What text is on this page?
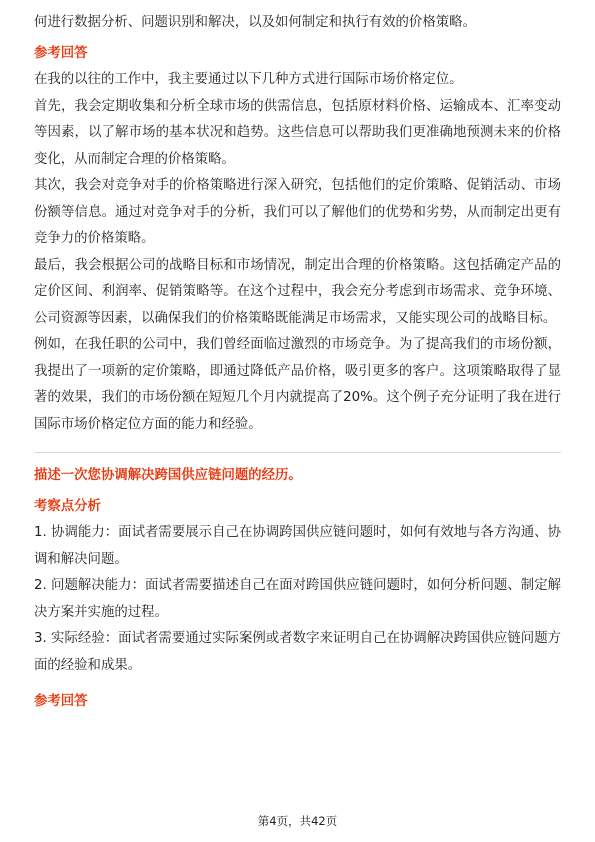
何进行数据分析、问题识别和解决，以及如何制定和执行有效的价格策略。

参考回答

在我的以往的工作中，我主要通过以下几种方式进行国际市场价格定位。

首先，我会定期收集和分析全球市场的供需信息，包括原材料价格、运输成本、汇率变动等因素，以了解市场的基本状况和趋势。这些信息可以帮助我们更准确地预测未来的价格变化，从而制定合理的价格策略。

其次，我会对竞争对手的价格策略进行深入研究，包括他们的定价策略、促销活动、市场份额等信息。通过对竞争对手的分析，我们可以了解他们的优势和劣势，从而制定出更有竞争力的价格策略。

最后，我会根据公司的战略目标和市场情况，制定出合理的价格策略。这包括确定产品的定价区间、利润率、促销策略等。在这个过程中，我会充分考虑到市场需求、竞争环境、公司资源等因素，以确保我们的价格策略既能满足市场需求，又能实现公司的战略目标。

例如，在我任职的公司中，我们曾经面临过激烈的市场竞争。为了提高我们的市场份额，我提出了一项新的定价策略，即通过降低产品价格，吸引更多的客户。这项策略取得了显著的效果，我们的市场份额在短短几个月内就提高了20%。这个例子充分证明了我在进行国际市场价格定位方面的能力和经验。

描述一次您协调解决跨国供应链问题的经历。

考察点分析

1. 协调能力：面试者需要展示自己在协调跨国供应链问题时，如何有效地与各方沟通、协调和解决问题。

2. 问题解决能力：面试者需要描述自己在面对跨国供应链问题时，如何分析问题、制定解决方案并实施的过程。

3. 实际经验：面试者需要通过实际案例或者数字来证明自己在协调解决跨国供应链问题方面的经验和成果。

参考回答

第4页，共42页
